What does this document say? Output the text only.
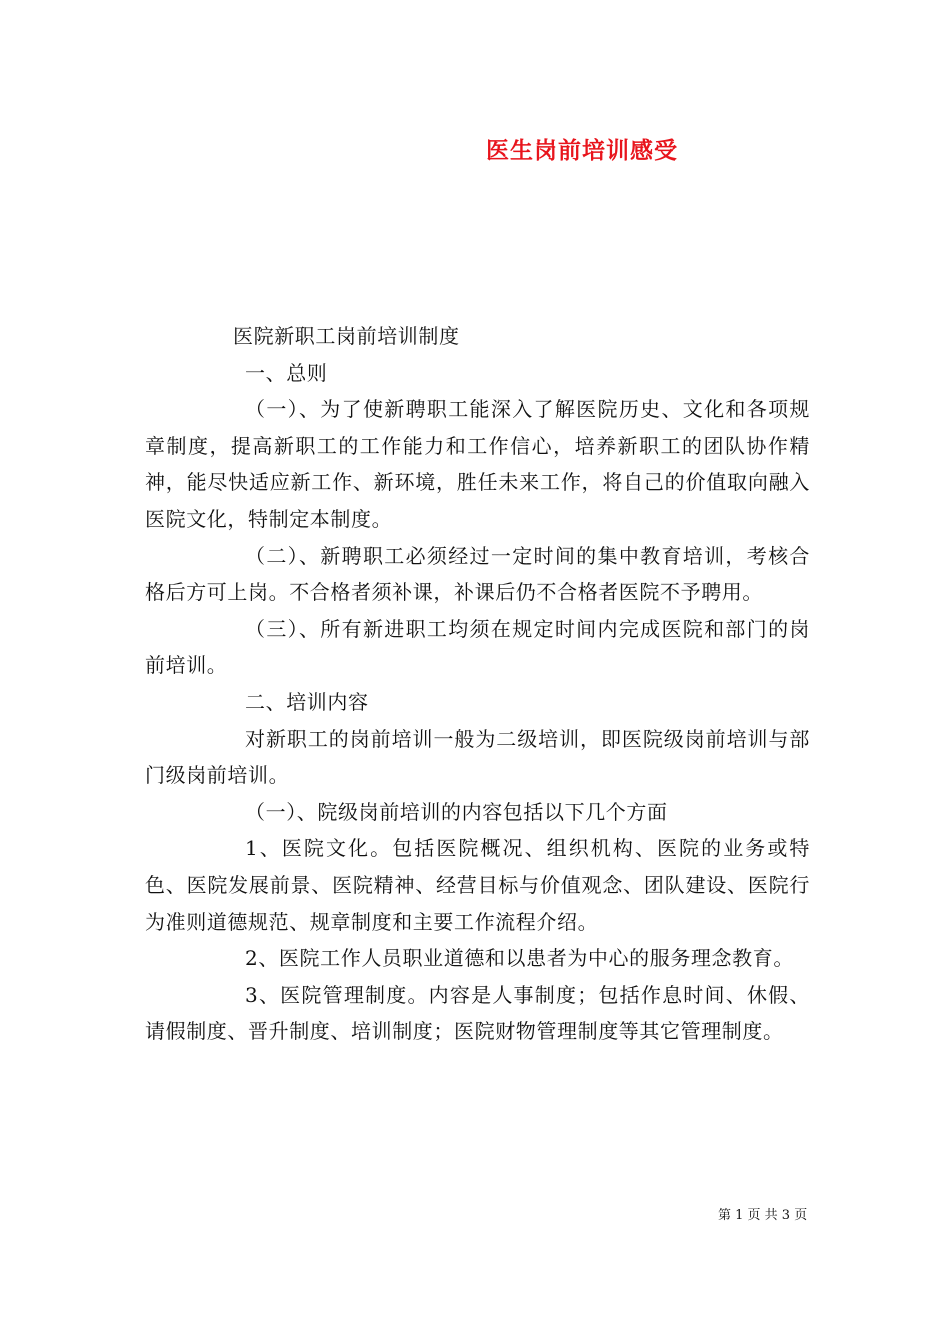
医生岗前培训感受

医院新职工岗前培训制度

一、总则

（一）、为了使新聘职工能深入了解医院历史、文化和各项规章制度，提高新职工的工作能力和工作信心，培养新职工的团队协作精神，能尽快适应新工作、新环境，胜任未来工作，将自己的价值取向融入医院文化，特制定本制度。

（二）、新聘职工必须经过一定时间的集中教育培训，考核合格后方可上岗。不合格者须补课，补课后仍不合格者医院不予聘用。

（三）、所有新进职工均须在规定时间内完成医院和部门的岗前培训。

二、培训内容

对新职工的岗前培训一般为二级培训，即医院级岗前培训与部门级岗前培训。

（一）、院级岗前培训的内容包括以下几个方面

1、医院文化。包括医院概况、组织机构、医院的业务或特色、医院发展前景、医院精神、经营目标与价值观念、团队建设、医院行为准则道德规范、规章制度和主要工作流程介绍。

2、医院工作人员职业道德和以患者为中心的服务理念教育。

3、医院管理制度。内容是人事制度；包括作息时间、休假、请假制度、晋升制度、培训制度；医院财物管理制度等其它管理制度。

第 1 页 共 3 页
